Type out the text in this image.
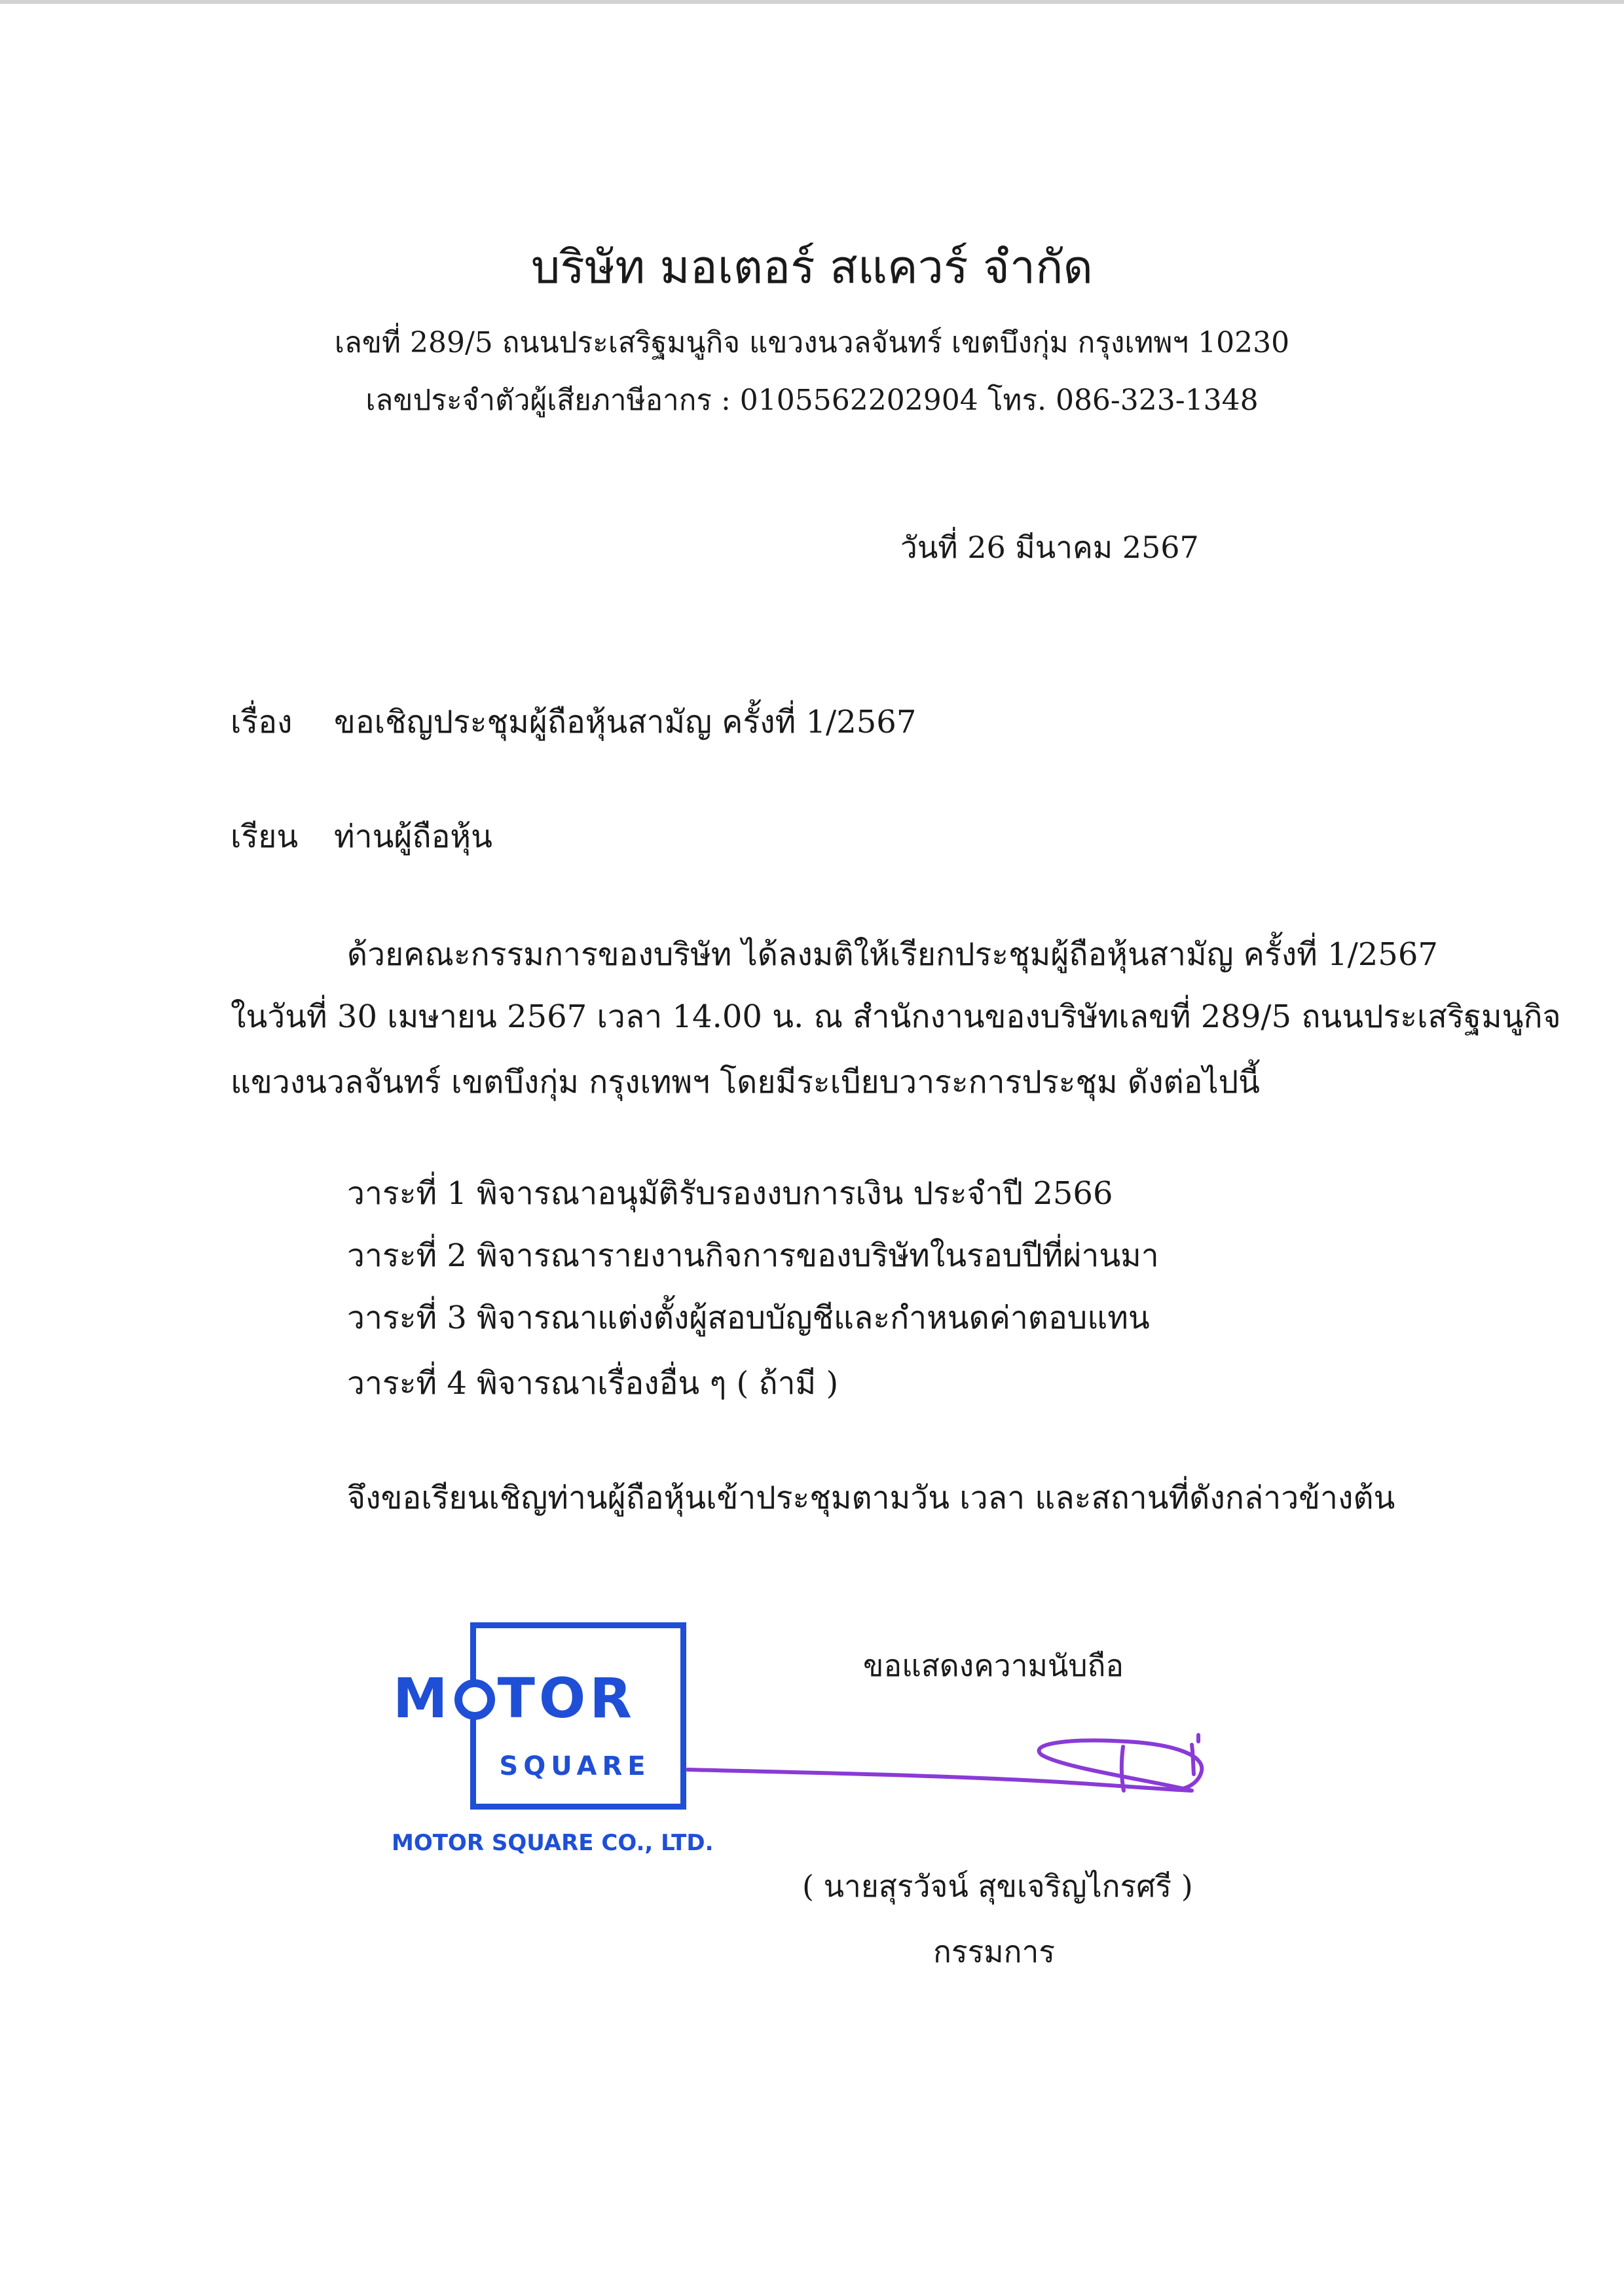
บริษัท มอเตอร์ สแควร์ จำกัด
เลขที่ 289/5 ถนนประเสริฐมนูกิจ แขวงนวลจันทร์ เขตบึงกุ่ม กรุงเทพฯ 10230
เลขประจำตัวผู้เสียภาษีอากร : 0105562202904 โทร. 086-323-1348
วันที่ 26 มีนาคม 2567
เรื่อง ขอเชิญประชุมผู้ถือหุ้นสามัญ ครั้งที่ 1/2567
เรียน ท่านผู้ถือหุ้น
ด้วยคณะกรรมการของบริษัท ได้ลงมติให้เรียกประชุมผู้ถือหุ้นสามัญ ครั้งที่ 1/2567
ในวันที่ 30 เมษายน 2567 เวลา 14.00 น. ณ สำนักงานของบริษัทเลขที่ 289/5 ถนนประเสริฐมนูกิจ
แขวงนวลจันทร์ เขตบึงกุ่ม กรุงเทพฯ โดยมีระเบียบวาระการประชุม ดังต่อไปนี้
วาระที่ 1 พิจารณาอนุมัติรับรองงบการเงิน ประจำปี 2566
วาระที่ 2 พิจารณารายงานกิจการของบริษัทในรอบปีที่ผ่านมา
วาระที่ 3 พิจารณาแต่งตั้งผู้สอบบัญชีและกำหนดค่าตอบแทน
วาระที่ 4 พิจารณาเรื่องอื่น ๆ ( ถ้ามี )
จึงขอเรียนเชิญท่านผู้ถือหุ้นเข้าประชุมตามวัน เวลา และสถานที่ดังกล่าวข้างต้น
ขอแสดงความนับถือ
M TOR
SQUARE
MOTOR SQUARE CO., LTD.
( นายสุรวัจน์ สุขเจริญไกรศรี )
กรรมการ
